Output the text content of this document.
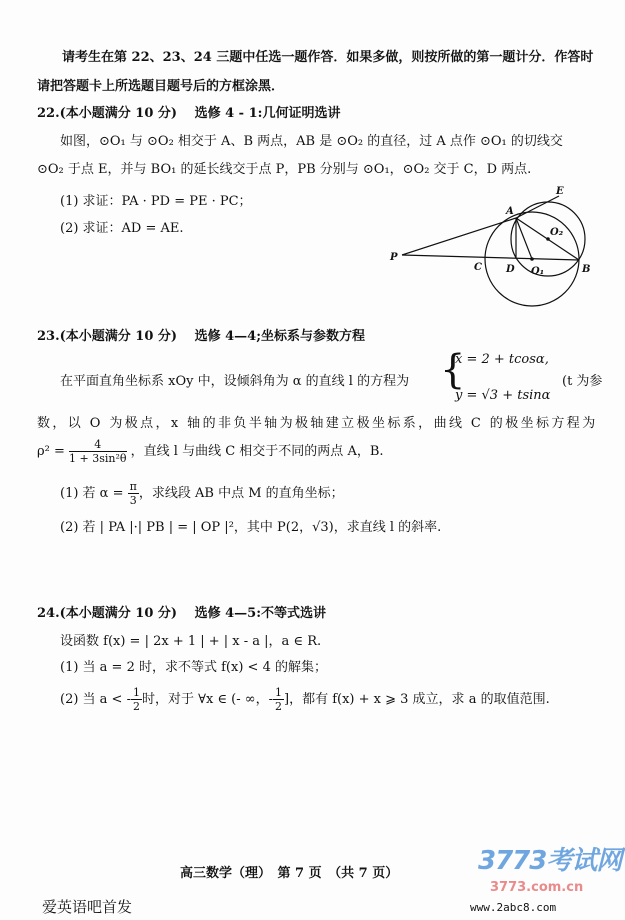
请考生在第 22、23、24 三题中任选一题作答．如果多做，则按所做的第一题计分．作答时
请把答题卡上所选题目题号后的方框涂黑．
22.(本小题满分 10 分)　 选修 4 - 1:几何证明选讲
如图，⊙O₁ 与 ⊙O₂ 相交于 A、B 两点，AB 是 ⊙O₂ 的直径，过 A 点作 ⊙O₁ 的切线交
⊙O₂ 于点 E，并与 BO₁ 的延长线交于点 P，PB 分别与 ⊙O₁，⊙O₂ 交于 C，D 两点.
(1) 求证：PA · PD = PE · PC；
(2) 求证：AD = AE.
P
A
E
B
C D O₁
O₂
23.(本小题满分 10 分)　 选修 4—4;坐标系与参数方程
在平面直角坐标系 xOy 中，设倾斜角为 α 的直线 l 的方程为 {
x = 2 + tcosα,
y = √3 + tsinα
(t 为参
数，以 O 为极点，x 轴的非负半轴为极轴建立极坐标系，曲线 C 的极坐标方程为
$\rho^2 = \frac{4}{\text{1 + 3sin²θ}}$ ，直线 l 与曲线 C 相交于不同的两点 A，B.
(1) 若 $\alpha = \frac{\pi}{3}$ ，求线段 AB 中点 M 的直角坐标；
(2) 若 | PA |·| PB | = | OP |²，其中 P(2，√3)，求直线 l 的斜率.
24.(本小题满分 10 分)　 选修 4—5:不等式选讲
设函数 f(x) = | 2x + 1 | + | x - a |，a ∈ R.
(1) 当 a = 2 时，求不等式 f(x) < 4 的解集；
(2) 当 a < - $\frac{1}{2}$ 时，对于 ∀x ∈ (- ∞，- $\frac{1}{2}$ ]，都有 f(x) + x ⩾ 3 成立，求 a 的取值范围.
高三数学（理）　第 7 页　（共 7 页）	3773考试网
3773.com.cn
www.2abc8.com
爱英语吧首发
